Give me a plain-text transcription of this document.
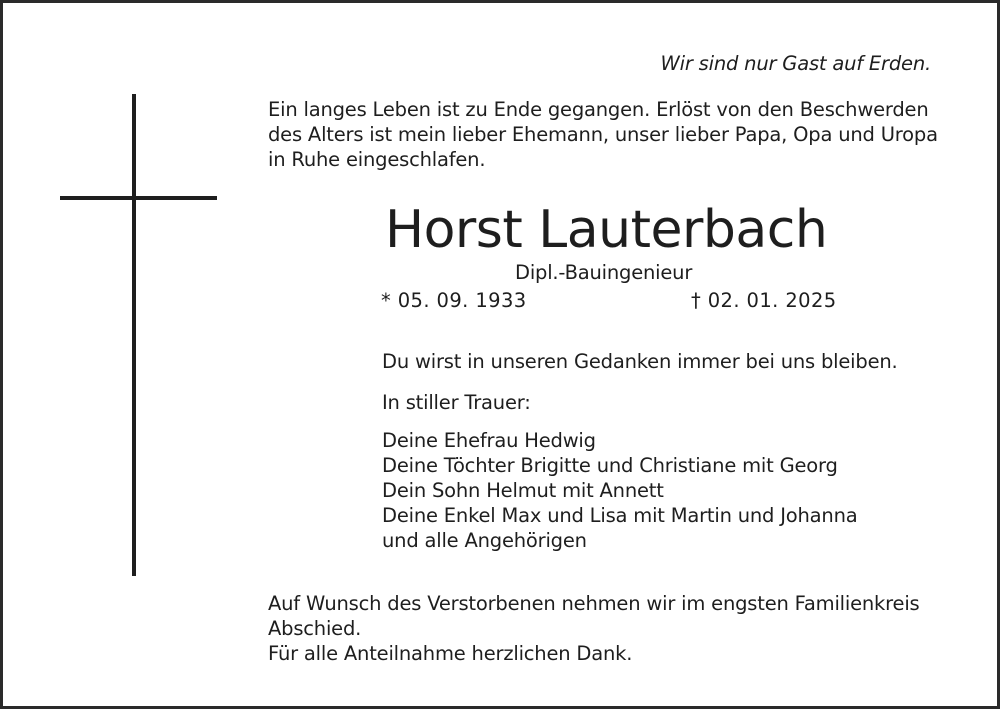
Wir sind nur Gast auf Erden.

Ein langes Leben ist zu Ende gegangen. Erlöst von den Beschwerden
des Alters ist mein lieber Ehemann, unser lieber Papa, Opa und Uropa
in Ruhe eingeschlafen.
Horst Lauterbach

Dipl.-Bauingenieur

* 05. 09. 1933	† 02. 01. 2025

Du wirst in unseren Gedanken immer bei uns bleiben.

In stiller Trauer:

Deine Ehefrau Hedwig
Deine Töchter Brigitte und Christiane mit Georg
Dein Sohn Helmut mit Annett
Deine Enkel Max und Lisa mit Martin und Johanna
und alle Angehörigen
Auf Wunsch des Verstorbenen nehmen wir im engsten Familienkreis
Abschied.
Für alle Anteilnahme herzlichen Dank.
